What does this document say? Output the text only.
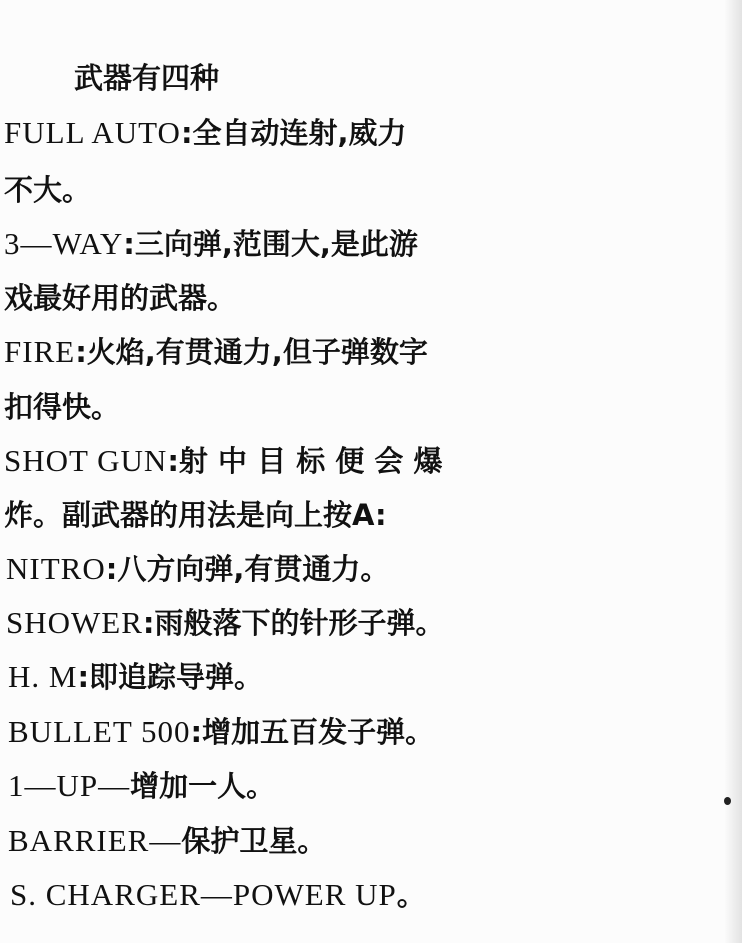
武器有四种
FULL AUTO:全自动连射,威力
不大。
3—WAY:三向弹,范围大,是此游
戏最好用的武器。
FIRE:火焰,有贯通力,但子弹数字
扣得快。
SHOT GUN:射 中 目 标 便 会 爆
炸。副武器的用法是向上按A:
NITRO:八方向弹,有贯通力。
SHOWER:雨般落下的针形子弹。
H. M:即追踪导弹。
BULLET 500:增加五百发子弹。
1—UP—增加一人。
BARRIER—保护卫星。
S. CHARGER—POWER UP。
